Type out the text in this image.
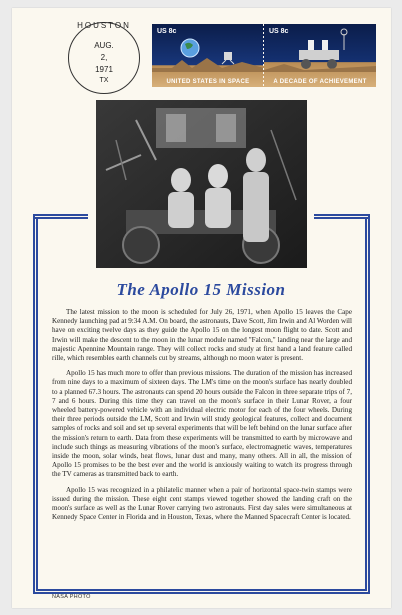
HOUSTON
AUG.
2,
1971
TX
US 8c
UNITED STATES IN SPACE
US 8c
A DECADE OF ACHIEVEMENT
The Apollo 15 Mission

The latest mission to the moon is scheduled for July 26, 1971, when Apollo 15 leaves the Cape Kennedy launching pad at 9:34 A.M. On board, the astronauts, Dave Scott, Jim Irwin and Al Worden will have on exciting twelve days as they guide the Apollo 15 on the longest moon flight to date. Scott and Irwin will make the descent to the moon in the lunar module named "Falcon," landing near the large and majestic Apennine Mountain range. They will collect rocks and study at first hand a land feature called rille, which resembles earth channels cut by streams, although no moon water is present.

Apollo 15 has much more to offer than previous missions. The duration of the mission has increased from nine days to a maximum of sixteen days. The LM's time on the moon's surface has nearly doubled to a planned 67.3 hours. The astronauts can spend 20 hours outside the Falcon in three separate trips of 7, 7 and 6 hours. During this time they can travel on the moon's surface in their Lunar Rover, a four wheeled battery-powered vehicle with an individual electric motor for each of the four wheels. During their three periods outside the LM, Scott and Irwin will study geological features, collect and document samples of rocks and soil and set up several experiments that will be left behind on the lunar surface after the mission's return to earth. Data from these experiments will be transmitted to earth by microwave and include such things as measuring vibrations of the moon's surface, electromagnetic waves, temperatures inside the moon, solar winds, heat flows, lunar dust and many, many others. All in all, the mission of Apollo 15 promises to be the best ever and the world is anxiously waiting to watch its progress through the TV cameras as transmitted back to earth.

Apollo 15 was recognized in a philatelic manner when a pair of horizontal space-twin stamps were issued during the mission. These eight cent stamps viewed together showed the landing craft on the moon's surface as well as the Lunar Rover carrying two astronauts. First day sales were simultaneous at Kennedy Space Center in Florida and in Houston, Texas, where the Manned Spacecraft Center is located.

NASA PHOTO
